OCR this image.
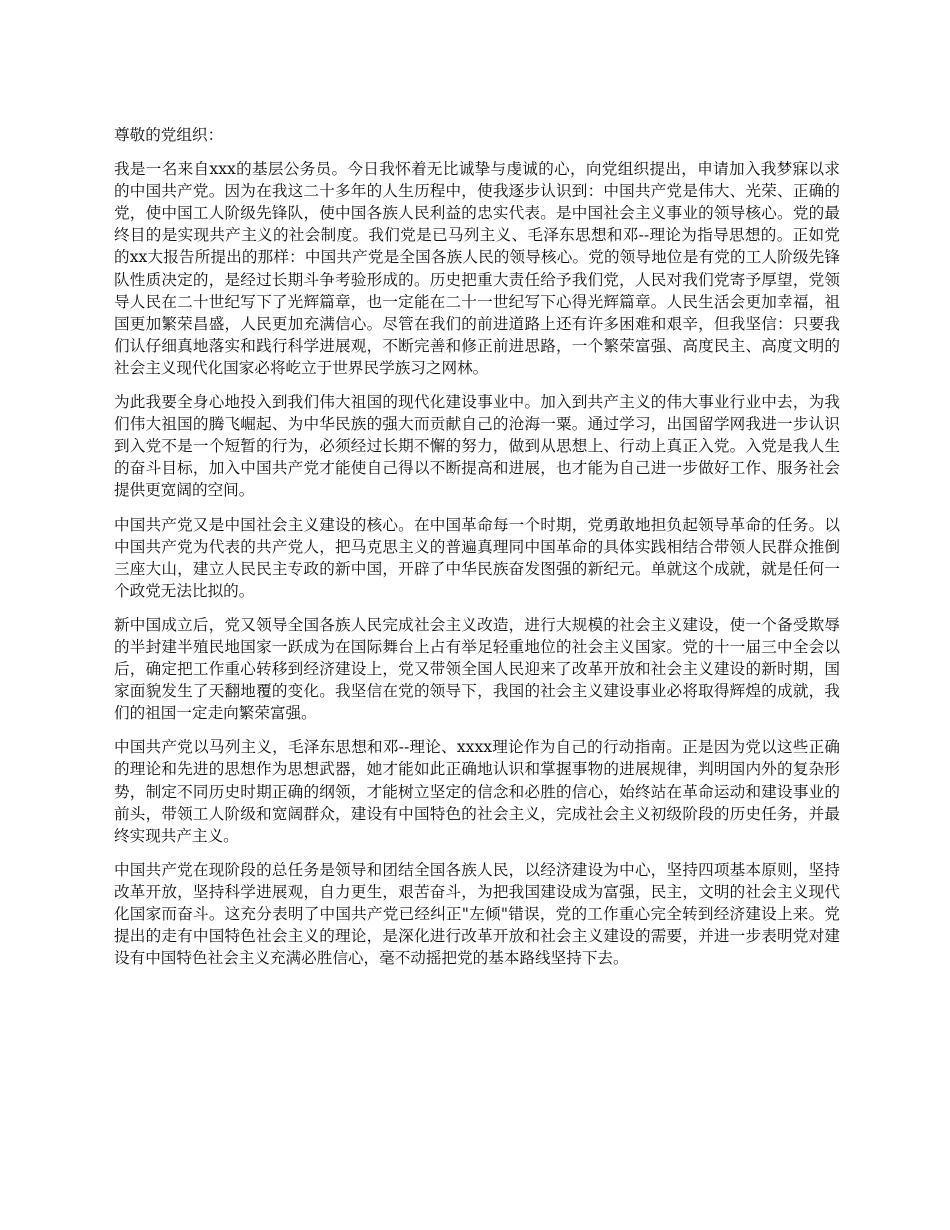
尊敬的党组织：

我是一名来自xxx的基层公务员。今日我怀着无比诚挚与虔诚的心，向党组织提出，申请加入我梦寐以求的中国共产党。因为在我这二十多年的人生历程中，使我逐步认识到：中国共产党是伟大、光荣、正确的党，使中国工人阶级先锋队，使中国各族人民利益的忠实代表。是中国社会主义事业的领导核心。党的最终目的是实现共产主义的社会制度。我们党是已马列主义、毛泽东思想和邓--理论为指导思想的。正如党的xx大报告所提出的那样：中国共产党是全国各族人民的领导核心。党的领导地位是有党的工人阶级先锋队性质决定的，是经过长期斗争考验形成的。历史把重大责任给予我们党，人民对我们党寄予厚望，党领导人民在二十世纪写下了光辉篇章，也一定能在二十一世纪写下心得光辉篇章。人民生活会更加幸福，祖国更加繁荣昌盛，人民更加充满信心。尽管在我们的前进道路上还有许多困难和艰辛，但我坚信：只要我们认仔细真地落实和践行科学进展观，不断完善和修正前进思路，一个繁荣富强、高度民主、高度文明的社会主义现代化国家必将屹立于世界民学族习之网林。

为此我要全身心地投入到我们伟大祖国的现代化建设事业中。加入到共产主义的伟大事业行业中去，为我们伟大祖国的腾飞崛起、为中华民族的强大而贡献自己的沧海一粟。通过学习，出国留学网我进一步认识到入党不是一个短暂的行为，必须经过长期不懈的努力，做到从思想上、行动上真正入党。入党是我人生的奋斗目标，加入中国共产党才能使自己得以不断提高和进展，也才能为自己进一步做好工作、服务社会提供更宽阔的空间。

中国共产党又是中国社会主义建设的核心。在中国革命每一个时期，党勇敢地担负起领导革命的任务。以中国共产党为代表的共产党人，把马克思主义的普遍真理同中国革命的具体实践相结合带领人民群众推倒三座大山，建立人民民主专政的新中国，开辟了中华民族奋发图强的新纪元。单就这个成就，就是任何一个政党无法比拟的。

新中国成立后，党又领导全国各族人民完成社会主义改造，进行大规模的社会主义建设，使一个备受欺辱的半封建半殖民地国家一跃成为在国际舞台上占有举足轻重地位的社会主义国家。党的十一届三中全会以后，确定把工作重心转移到经济建设上，党又带领全国人民迎来了改革开放和社会主义建设的新时期，国家面貌发生了天翻地覆的变化。我坚信在党的领导下，我国的社会主义建设事业必将取得辉煌的成就，我们的祖国一定走向繁荣富强。

中国共产党以马列主义，毛泽东思想和邓--理论、xxxx理论作为自己的行动指南。正是因为党以这些正确的理论和先进的思想作为思想武器，她才能如此正确地认识和掌握事物的进展规律，判明国内外的复杂形势，制定不同历史时期正确的纲领，才能树立坚定的信念和必胜的信心，始终站在革命运动和建设事业的前头，带领工人阶级和宽阔群众，建设有中国特色的社会主义，完成社会主义初级阶段的历史任务，并最终实现共产主义。

中国共产党在现阶段的总任务是领导和团结全国各族人民，以经济建设为中心，坚持四项基本原则，坚持改革开放，坚持科学进展观，自力更生，艰苦奋斗，为把我国建设成为富强，民主，文明的社会主义现代化国家而奋斗。这充分表明了中国共产党已经纠正"左倾"错误，党的工作重心完全转到经济建设上来。党提出的走有中国特色社会主义的理论，是深化进行改革开放和社会主义建设的需要，并进一步表明党对建设有中国特色社会主义充满必胜信心，毫不动摇把党的基本路线坚持下去。
